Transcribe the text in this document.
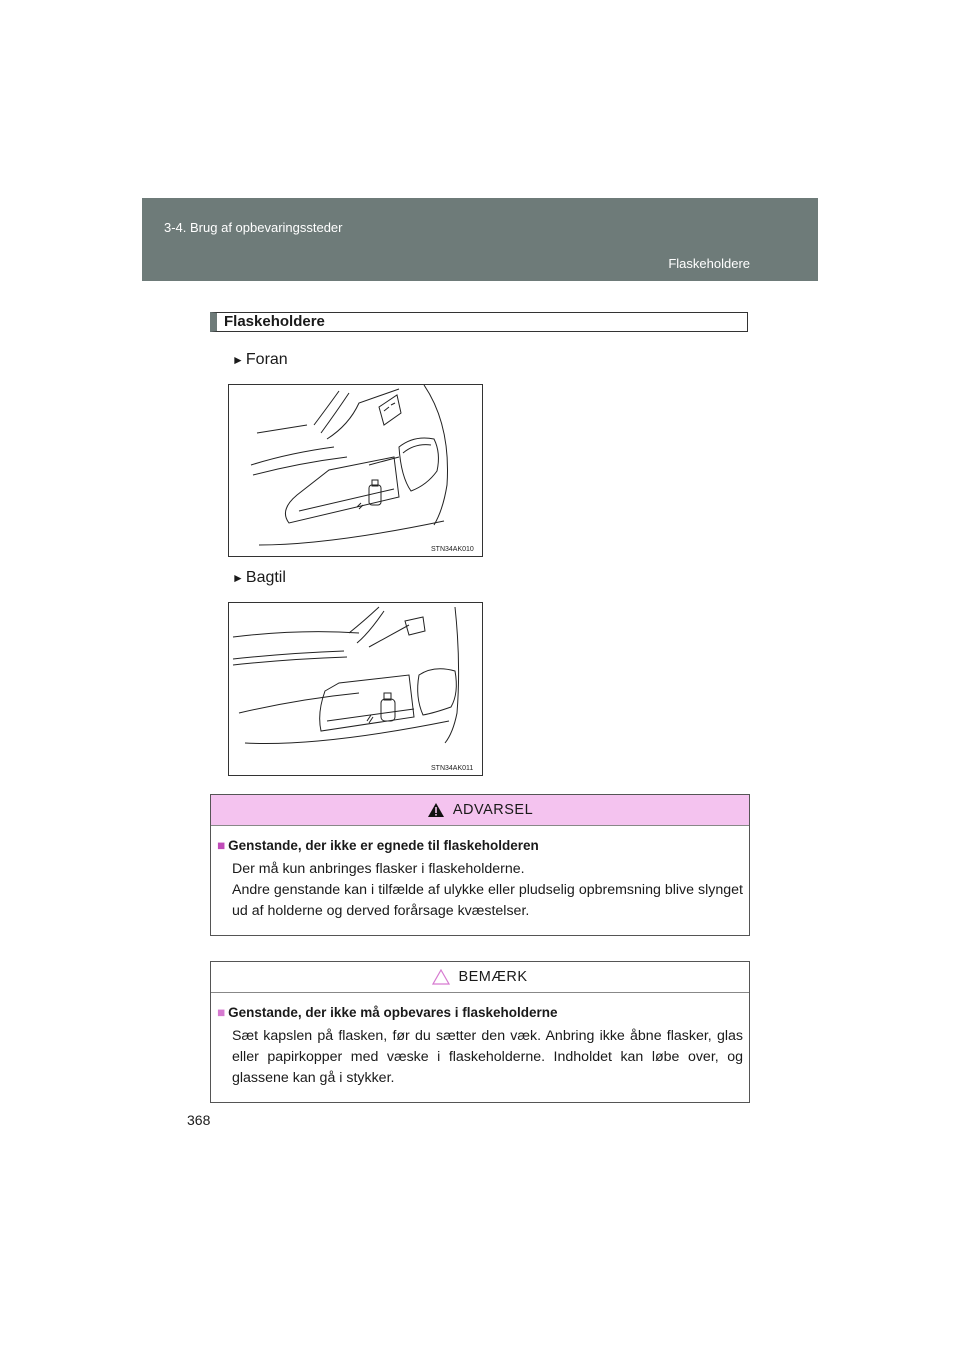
3-4. Brug af opbevaringssteder
Flaskeholdere
Flaskeholdere
► Foran
STN34AK010
► Bagtil
STN34AK011
ADVARSEL
■ Genstande, der ikke er egnede til flaskeholderen
Der må kun anbringes flasker i flaskeholderne.
Andre genstande kan i tilfælde af ulykke eller pludselig opbremsning blive slynget ud af holderne og derved forårsage kvæstelser.
BEMÆRK
■ Genstande, der ikke må opbevares i flaskeholderne
Sæt kapslen på flasken, før du sætter den væk. Anbring ikke åbne flasker, glas eller papirkopper med væske i flaskeholderne. Indholdet kan løbe over, og glassene kan gå i stykker.
368
